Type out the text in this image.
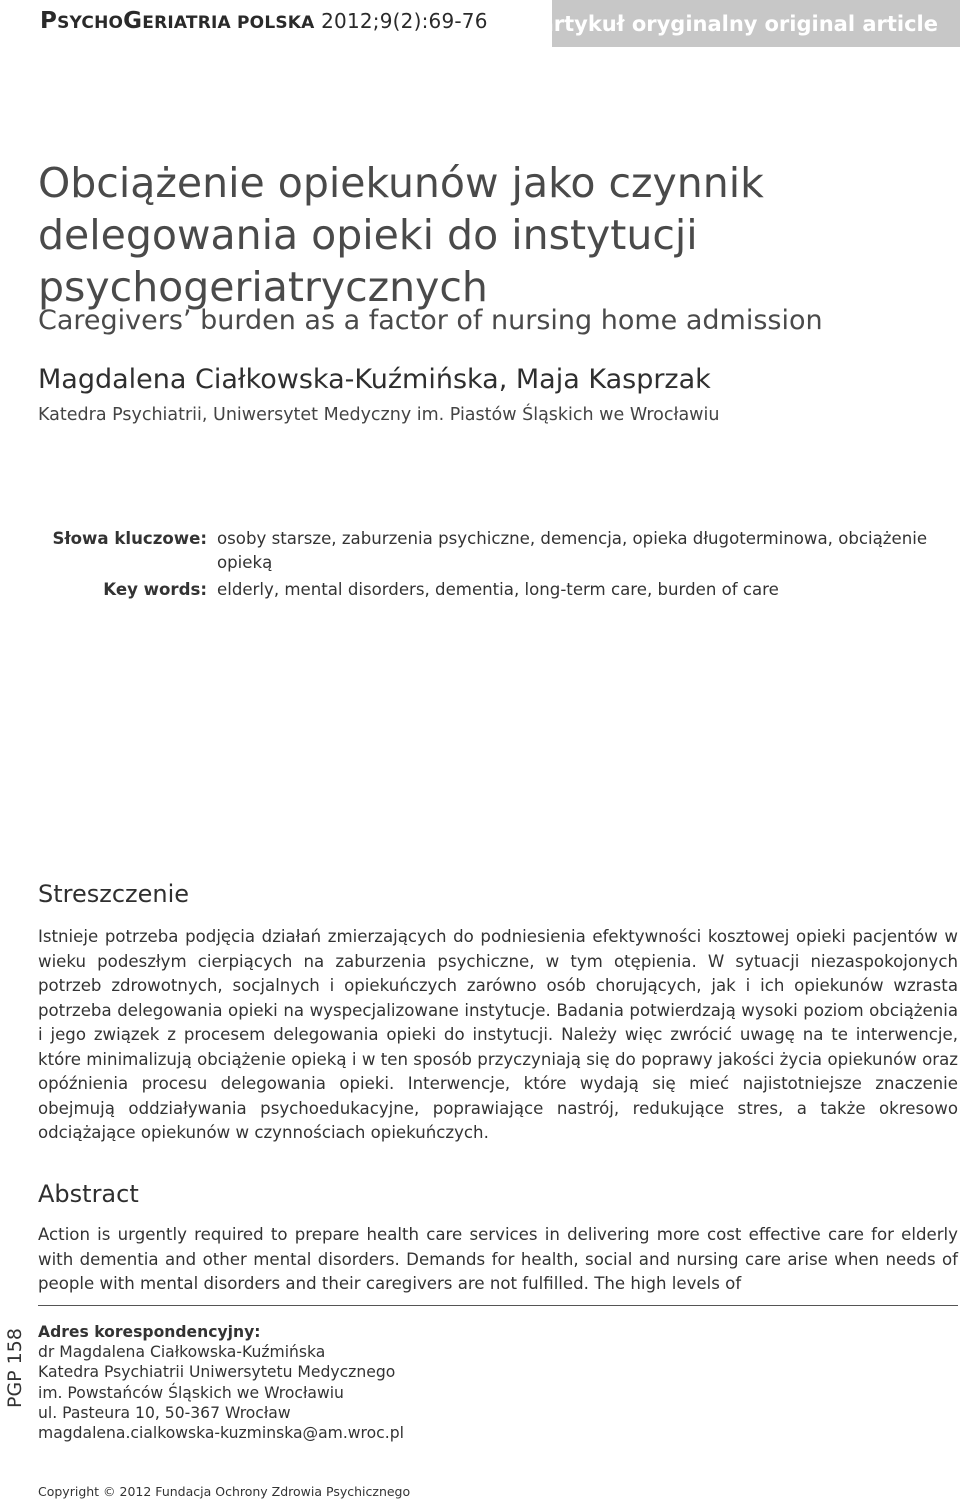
PSYCHOGERIATRIA POLSKA 2012;9(2):69-76 artykuł oryginalny original article
Obciążenie opiekunów jako czynnik delegowania opieki do instytucji psychogeriatrycznych
Caregivers’ burden as a factor of nursing home admission
Magdalena Ciałkowska-Kuźmińska, Maja Kasprzak
Katedra Psychiatrii, Uniwersytet Medyczny im. Piastów Śląskich we Wrocławiu
Słowa kluczowe: osoby starsze, zaburzenia psychiczne, demencja, opieka długoterminowa, obciążenie opieką
Key words: elderly, mental disorders, dementia, long-term care, burden of care
Streszczenie

Istnieje potrzeba podjęcia działań zmierzających do podniesienia efektywności kosztowej opieki pacjentów w wieku podeszłym cierpiących na zaburzenia psychiczne, w tym otępienia. W sytuacji niezaspokojonych potrzeb zdrowotnych, socjalnych i opiekuńczych zarówno osób chorujących, jak i ich opiekunów wzrasta potrzeba delegowania opieki na wyspecjalizowane instytucje. Badania potwierdzają wysoki poziom obciążenia i jego związek z procesem delegowania opieki do instytucji. Należy więc zwrócić uwagę na te interwencje, które minimalizują obciążenie opieką i w ten sposób przyczyniają się do poprawy jakości życia opiekunów oraz opóźnienia procesu delegowania opieki. Interwencje, które wydają się mieć najistotniejsze znaczenie obejmują oddziaływania psychoedukacyjne, poprawiające nastrój, redukujące stres, a także okresowo odciążające opiekunów w czynnościach opiekuńczych.

Abstract

Action is urgently required to prepare health care services in delivering more cost effective care for elderly with dementia and other mental disorders. Demands for health, social and nursing care arise when needs of people with mental disorders and their caregivers are not fulfilled. The high levels of

PGP 158 Adres korespondencyjny:
dr Magdalena Ciałkowska-Kuźmińska
Katedra Psychiatrii Uniwersytetu Medycznego
im. Powstańców Śląskich we Wrocławiu
ul. Pasteura 10, 50-367 Wrocław
magdalena.cialkowska-kuzminska@am.wroc.pl
Copyright © 2012 Fundacja Ochrony Zdrowia Psychicznego
